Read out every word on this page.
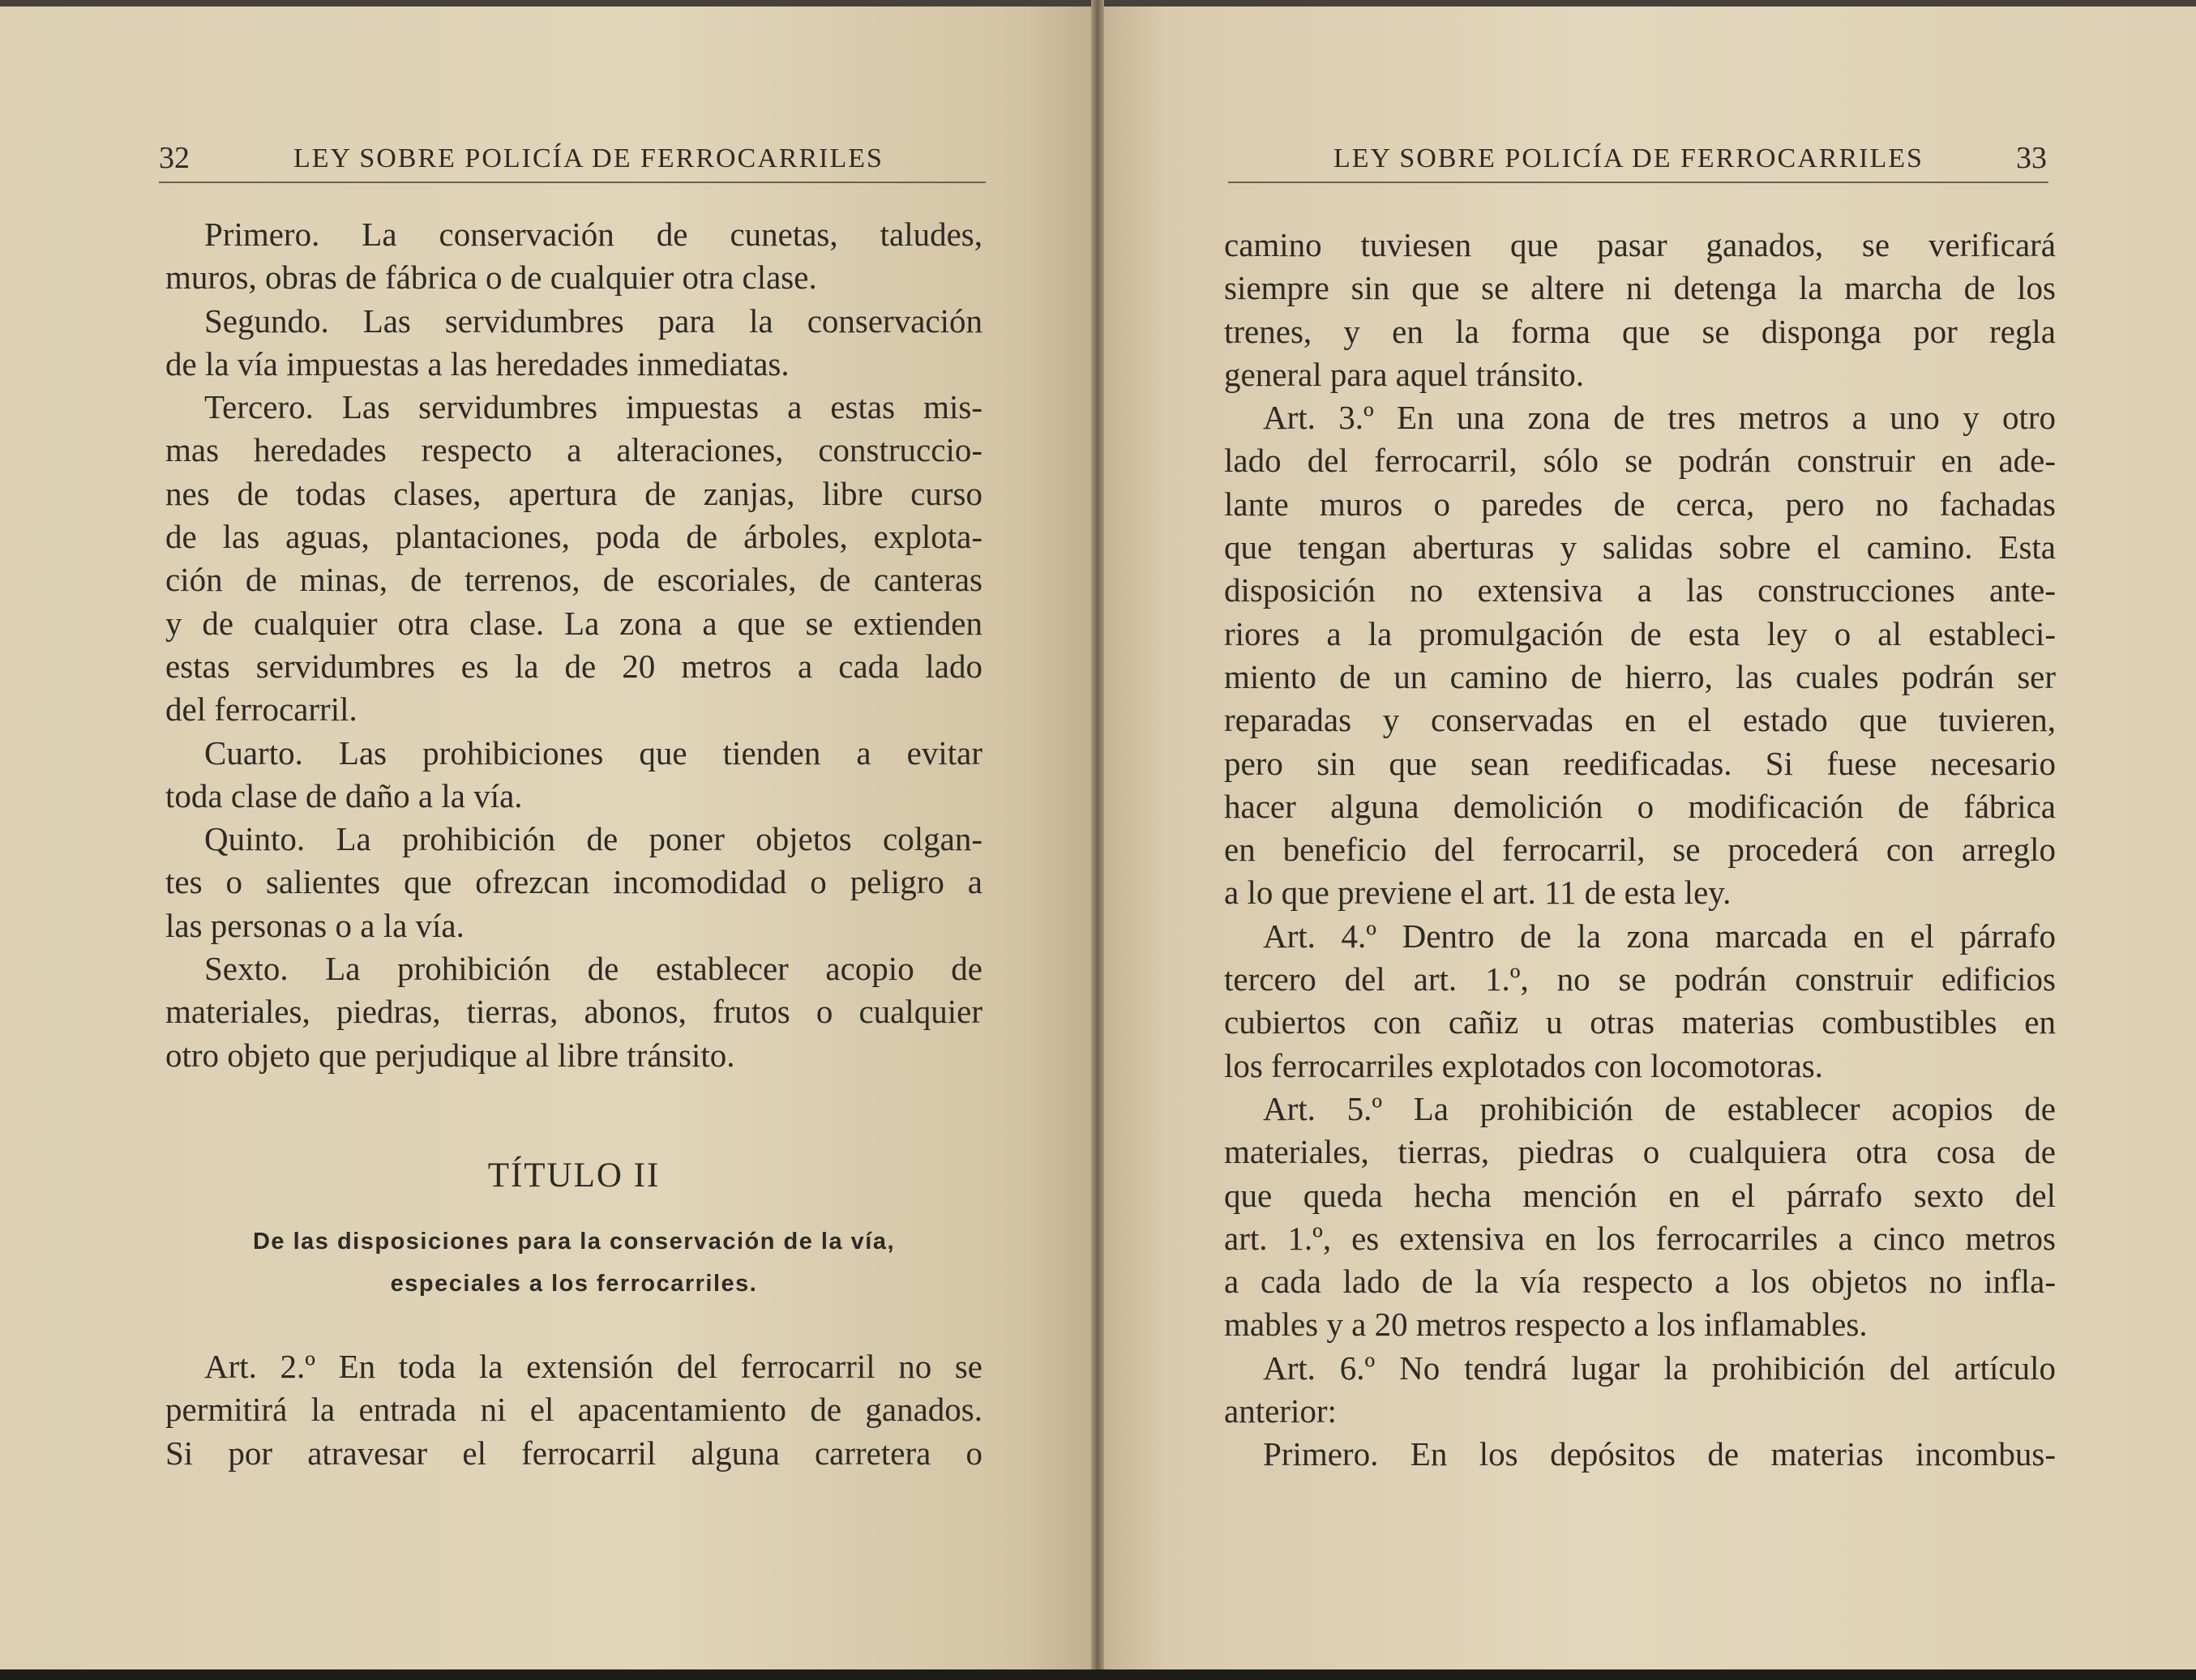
32	LEY SOBRE POLICÍA DE FERROCARRILES
Primero. La conservación de cunetas, taludes,
muros, obras de fábrica o de cualquier otra clase.
Segundo. Las servidumbres para la conservación
de la vía impuestas a las heredades inmediatas.
Tercero. Las servidumbres impuestas a estas mis-
mas heredades respecto a alteraciones, construccio-
nes de todas clases, apertura de zanjas, libre curso
de las aguas, plantaciones, poda de árboles, explota-
ción de minas, de terrenos, de escoriales, de canteras
y de cualquier otra clase. La zona a que se extienden
estas servidumbres es la de 20 metros a cada lado
del ferrocarril.
Cuarto. Las prohibiciones que tienden a evitar
toda clase de daño a la vía.
Quinto. La prohibición de poner objetos colgan-
tes o salientes que ofrezcan incomodidad o peligro a
las personas o a la vía.
Sexto. La prohibición de establecer acopio de
materiales, piedras, tierras, abonos, frutos o cualquier
otro objeto que perjudique al libre tránsito.
TÍTULO II
De las disposiciones para la conservación de la vía,
especiales a los ferrocarriles.
Art. 2.º En toda la extensión del ferrocarril no se
permitirá la entrada ni el apacentamiento de ganados.
Si por atravesar el ferrocarril alguna carretera o
LEY SOBRE POLICÍA DE FERROCARRILES	33
camino tuviesen que pasar ganados, se verificará
siempre sin que se altere ni detenga la marcha de los
trenes, y en la forma que se disponga por regla
general para aquel tránsito.
Art. 3.º En una zona de tres metros a uno y otro
lado del ferrocarril, sólo se podrán construir en ade-
lante muros o paredes de cerca, pero no fachadas
que tengan aberturas y salidas sobre el camino. Esta
disposición no extensiva a las construcciones ante-
riores a la promulgación de esta ley o al estableci-
miento de un camino de hierro, las cuales podrán ser
reparadas y conservadas en el estado que tuvieren,
pero sin que sean reedificadas. Si fuese necesario
hacer alguna demolición o modificación de fábrica
en beneficio del ferrocarril, se procederá con arreglo
a lo que previene el art. 11 de esta ley.
Art. 4.º Dentro de la zona marcada en el párrafo
tercero del art. 1.º, no se podrán construir edificios
cubiertos con cañiz u otras materias combustibles en
los ferrocarriles explotados con locomotoras.
Art. 5.º La prohibición de establecer acopios de
materiales, tierras, piedras o cualquiera otra cosa de
que queda hecha mención en el párrafo sexto del
art. 1.º, es extensiva en los ferrocarriles a cinco metros
a cada lado de la vía respecto a los objetos no infla-
mables y a 20 metros respecto a los inflamables.
Art. 6.º No tendrá lugar la prohibición del artículo
anterior:
Primero. En los depósitos de materias incombus-
